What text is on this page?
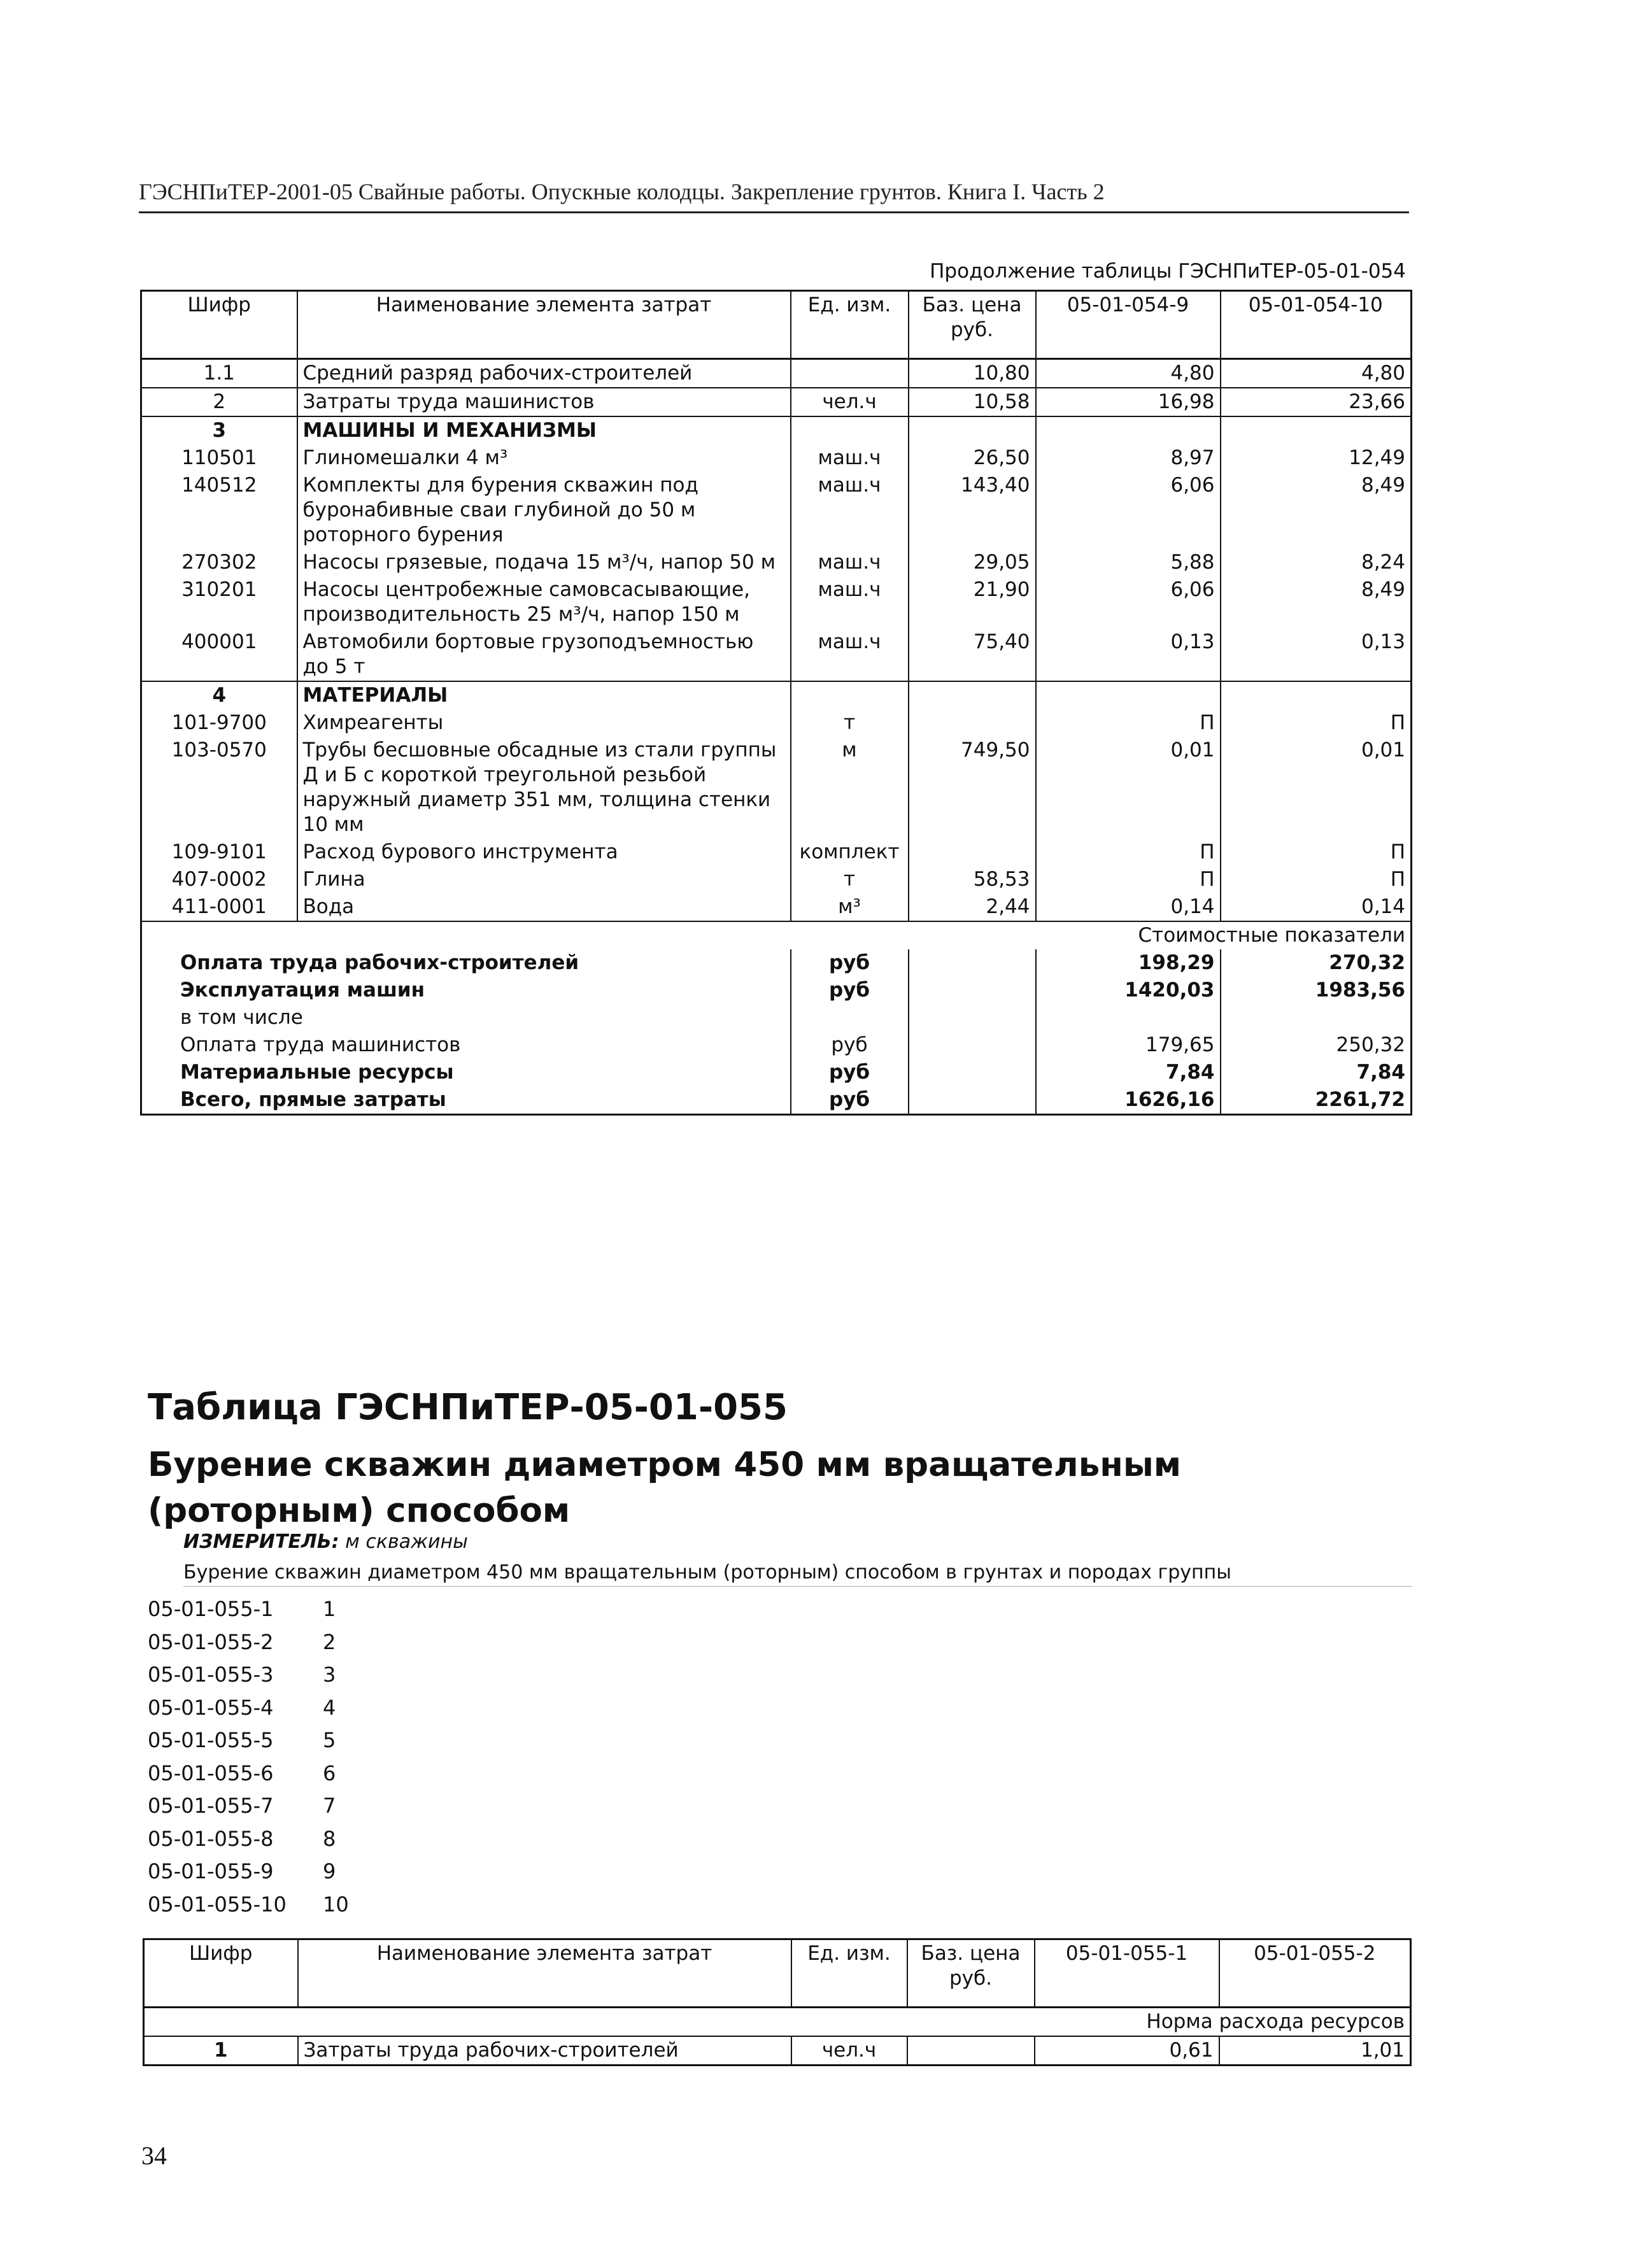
ГЭСНПиТЕР-2001-05 Свайные работы. Опускные колодцы. Закрепление грунтов. Книга I. Часть 2
Продолжение таблицы ГЭСНПиТЕР-05-01-054
Шифр	Наименование элемента затрат	Ед. изм.	Баз. цена руб.	05-01-054-9	05-01-054-10
1.1	Средний разряд рабочих-строителей		10,80	4,80	4,80
2	Затраты труда машинистов	чел.ч	10,58	16,98	23,66
3	МАШИНЫ И МЕХАНИЗМЫ				
110501	Глиномешалки 4 м³	маш.ч	26,50	8,97	12,49
140512	Комплекты для бурения скважин под буронабивные сваи глубиной до 50 м роторного бурения	маш.ч	143,40	6,06	8,49
270302	Насосы грязевые, подача 15 м³/ч, напор 50 м	маш.ч	29,05	5,88	8,24
310201	Насосы центробежные самовсасывающие, производительность 25 м³/ч, напор 150 м	маш.ч	21,90	6,06	8,49
400001	Автомобили бортовые грузоподъемностью до 5 т	маш.ч	75,40	0,13	0,13
4	МАТЕРИАЛЫ				
101-9700	Химреагенты	т		П	П
103-0570	Трубы бесшовные обсадные из стали группы Д и Б с короткой треугольной резьбой наружный диаметр 351 мм, толщина стенки 10 мм	м	749,50	0,01	0,01
109-9101	Расход бурового инструмента	комплект		П	П
407-0002	Глина	т	58,53	П	П
411-0001	Вода	м³	2,44	0,14	0,14
Стоимостные показатели					
Оплата труда рабочих-строителей		руб		198,29	270,32
Эксплуатация машин		руб		1420,03	1983,56
в том числе					
Оплата труда машинистов		руб		179,65	250,32
Материальные ресурсы		руб		7,84	7,84
Всего, прямые затраты		руб		1626,16	2261,72
Таблица ГЭСНПиТЕР-05-01-055
Бурение скважин диаметром 450 мм вращательным (роторным) способом
ИЗМЕРИТЕЛЬ: м скважины
Бурение скважин диаметром 450 мм вращательным (роторным) способом в грунтах и породах группы
05-01-055-1	1
05-01-055-2	2
05-01-055-3	3
05-01-055-4	4
05-01-055-5	5
05-01-055-6	6
05-01-055-7	7
05-01-055-8	8
05-01-055-9	9
05-01-055-10	10
Шифр	Наименование элемента затрат	Ед. изм.	Баз. цена руб.	05-01-055-1	05-01-055-2
Норма расхода ресурсов					
1	Затраты труда рабочих-строителей	чел.ч		0,61	1,01
34
